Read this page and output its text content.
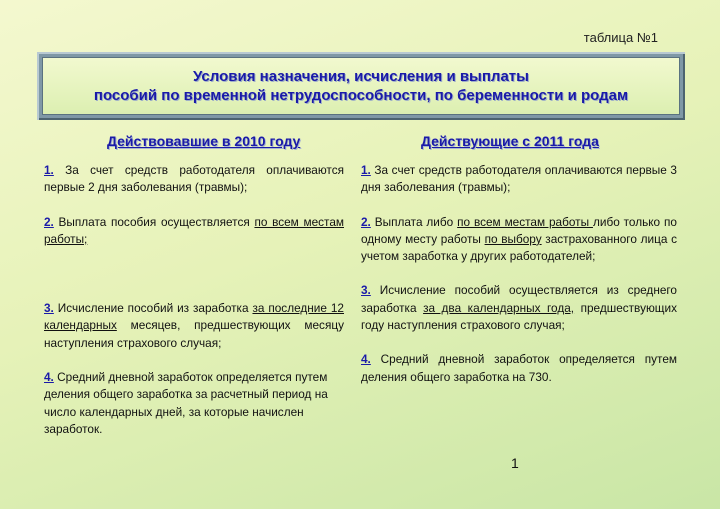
таблица №1
Условия назначения, исчисления и выплаты
пособий по временной нетрудоспособности, по беременности и родам
Действовавшие в 2010 году

1. За счет средств работодателя оплачиваются первые 2 дня заболевания (травмы);

2. Выплата пособия осуществляется по всем местам работы;

3. Исчисление пособий из заработка за последние 12 календарных месяцев, предшествующих месяцу наступления страхового случая;

4. Средний дневной заработок определяется путем деления общего заработка за расчетный период на число календарных дней, за которые начислен заработок.

Действующие с 2011 года

1. За счет средств работодателя оплачиваются первые 3 дня заболевания (травмы);

2. Выплата либо по всем местам работы либо только по одному месту работы по выбору застрахованного лица с учетом заработка у других работодателей;

3. Исчисление пособий осуществляется из среднего заработка за два календарных года, предшествующих году наступления страхового случая;

4. Средний дневной заработок определяется путем деления общего заработка на 730.

1
